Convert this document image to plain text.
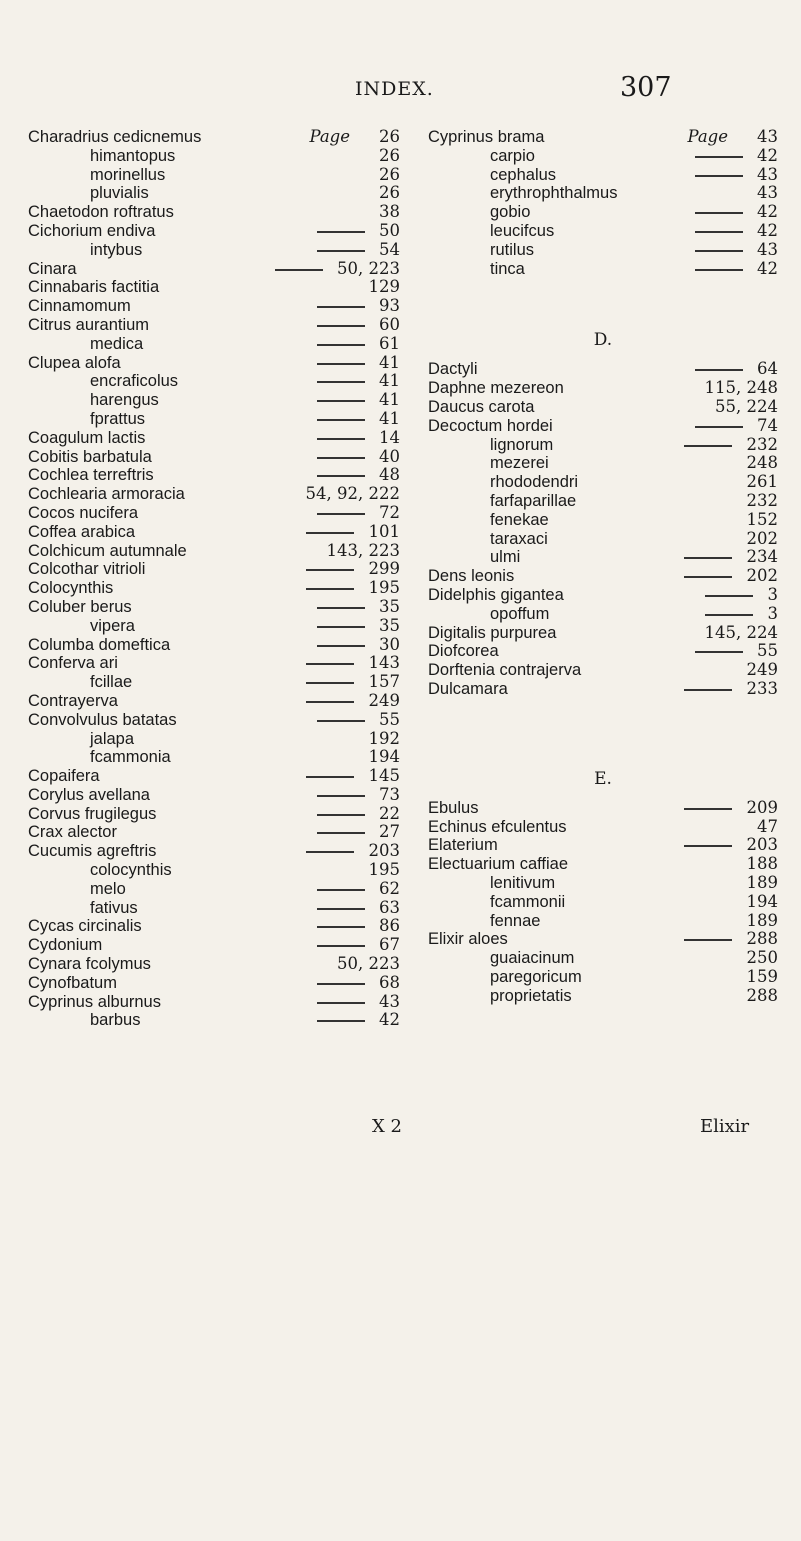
INDEX.	307
Charadrius cedicnemus	Page 26
himantopus	26
morinellus	26
pluvialis	26
Chaetodon roftratus	38
Cichorium endiva	50
intybus	54
Cinara	50, 223
Cinnabaris factitia	129
Cinnamomum	93
Citrus aurantium	60
medica	61
Clupea alofa	41
encraficolus	41
harengus	41
fprattus	41
Coagulum lactis	14
Cobitis barbatula	40
Cochlea terreftris	48
Cochlearia armoracia	54, 92, 222
Cocos nucifera	72
Coffea arabica	101
Colchicum autumnale	143, 223
Colcothar vitrioli	299
Colocynthis	195
Coluber berus	35
vipera	35
Columba domeftica	30
Conferva ari	143
fcillae	157
Contrayerva	249
Convolvulus batatas	55
jalapa	192
fcammonia	194
Copaifera	145
Corylus avellana	73
Corvus frugilegus	22
Crax alector	27
Cucumis agreftris	203
colocynthis	195
melo	62
fativus	63
Cycas circinalis	86
Cydonium	67
Cynara fcolymus	50, 223
Cynofbatum	68
Cyprinus alburnus	43
barbus	42
Cyprinus brama	Page 43
carpio	42
cephalus	43
erythrophthalmus	43
gobio	42
leucifcus	42
rutilus	43
tinca	42
D.
Dactyli	64
Daphne mezereon	115, 248
Daucus carota	55, 224
Decoctum hordei	74
lignorum	232
mezerei	248
rhododendri	261
farfaparillae	232
fenekae	152
taraxaci	202
ulmi	234
Dens leonis	202
Didelphis gigantea	3
opoffum	3
Digitalis purpurea	145, 224
Diofcorea	55
Dorftenia contrajerva	249
Dulcamara	233
E.
Ebulus	209
Echinus efculentus	47
Elaterium	203
Electuarium caffiae	188
lenitivum	189
fcammonii	194
fennae	189
Elixir aloes	288
guaiacinum	250
paregoricum	159
proprietatis	288
X 2	Elixir
